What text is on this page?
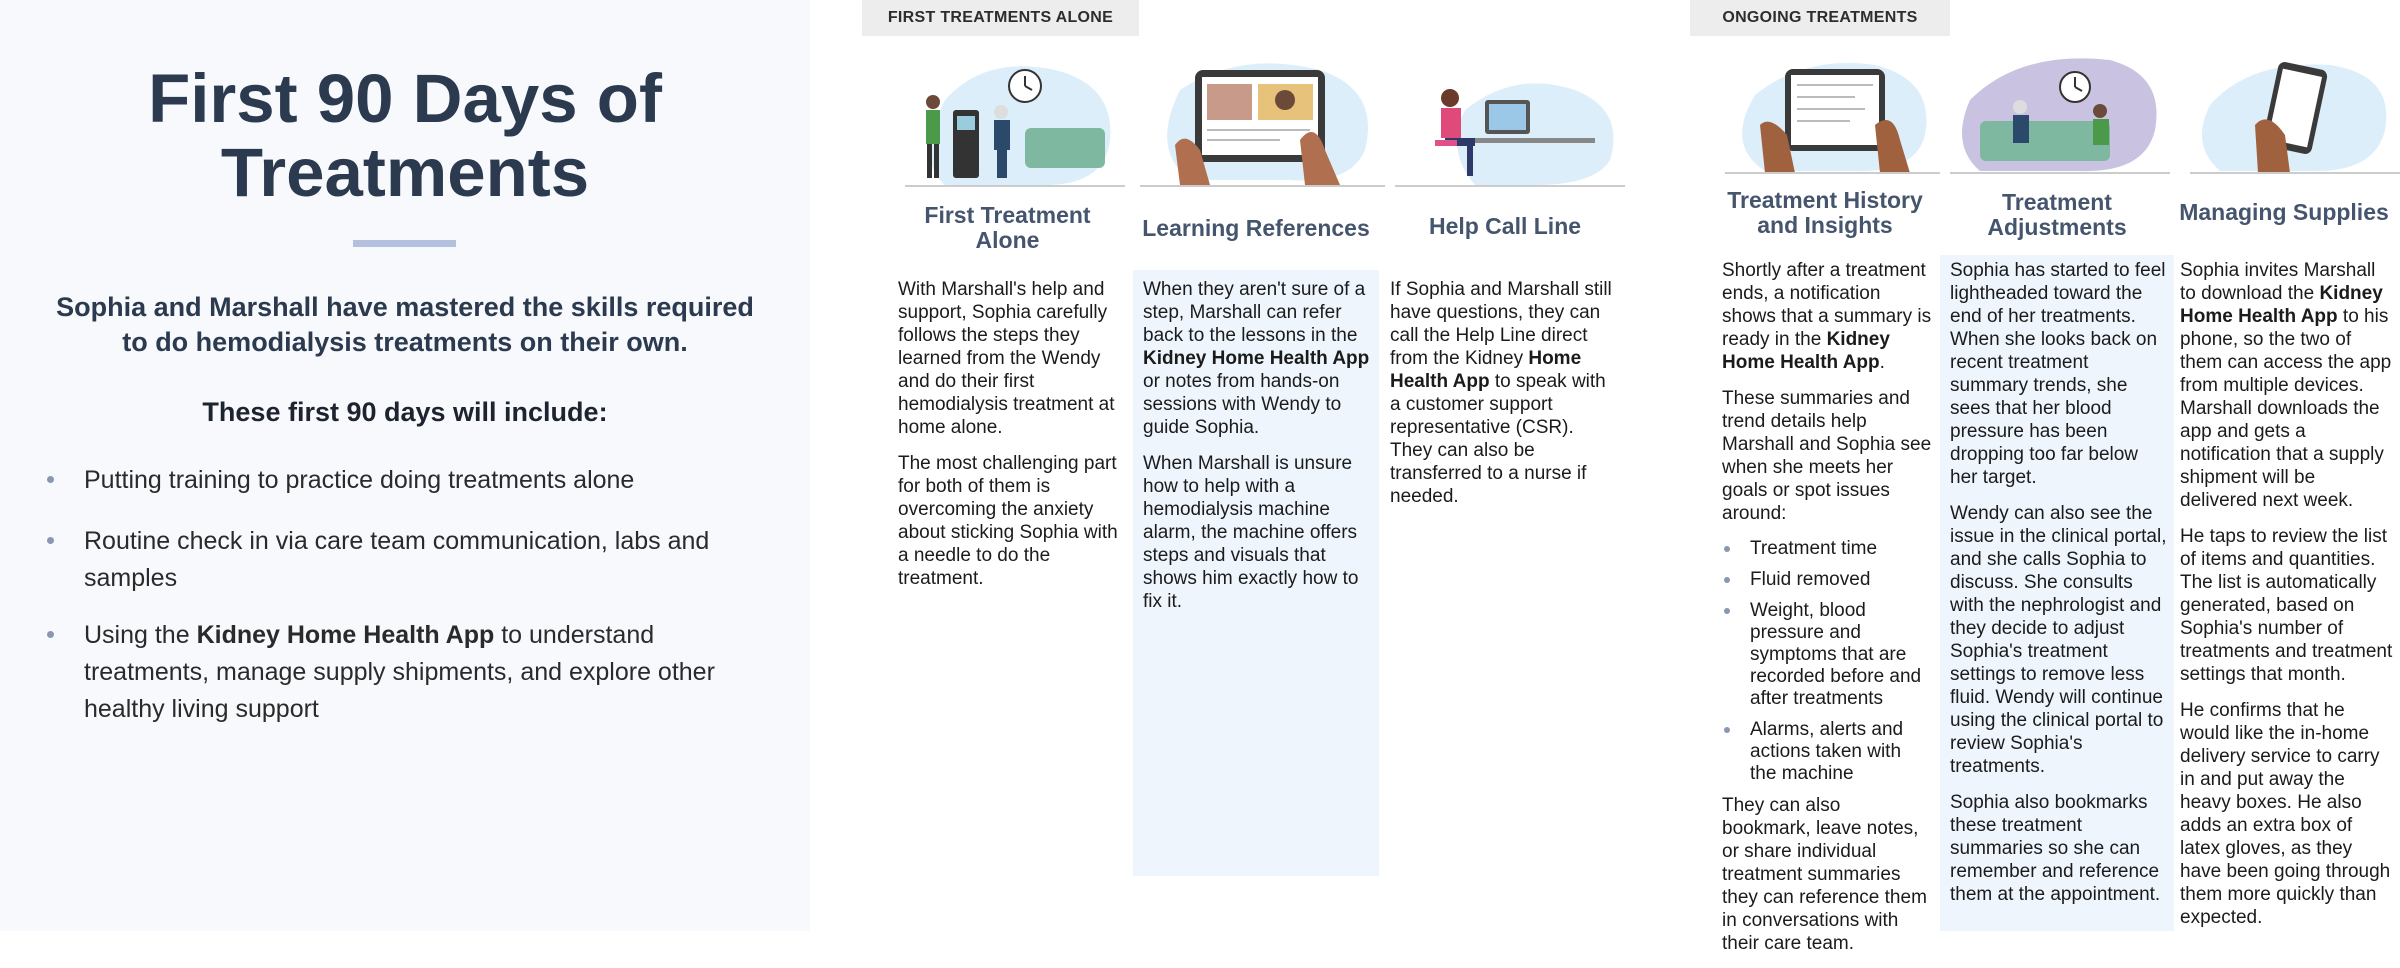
First 90 Days of Treatments

Sophia and Marshall have mastered the skills required to do hemodialysis treatments on their own.

These first 90 days will include:

Putting training to practice doing treatments alone
Routine check in via care team communication, labs and samples
Using the Kidney Home Health App to understand treatments, manage supply shipments, and explore other healthy living support
FIRST TREATMENTS ALONE	ONGOING TREATMENTS
First Treatment Alone	Learning References	Help Call Line
Treatment History and Insights
Treatment Adjustments
Managing Supplies

With Marshall's help and support, Sophia carefully follows the steps they learned from the Wendy and do their first hemodialysis treatment at home alone.

The most challenging part for both of them is overcoming the anxiety about sticking Sophia with a needle to do the treatment.

When they aren't sure of a step, Marshall can refer back to the lessons in the Kidney Home Health App or notes from hands-on sessions with Wendy to guide Sophia.

When Marshall is unsure how to help with a hemodialysis machine alarm, the machine offers steps and visuals that shows him exactly how to fix it.

If Sophia and Marshall still have questions, they can call the Help Line direct from the Kidney Home Health App to speak with a customer support representative (CSR). They can also be transferred to a nurse if needed.

Shortly after a treatment ends, a notification shows that a summary is ready in the Kidney Home Health App.

These summaries and trend details help Marshall and Sophia see when she meets her goals or spot issues around:

Treatment time
Fluid removed
Weight, blood pressure and symptoms that are recorded before and after treatments
Alarms, alerts and actions taken with the machine

They can also bookmark, leave notes, or share individual treatment summaries they can reference them in conversations with their care team.

Sophia has started to feel lightheaded toward the end of her treatments. When she looks back on recent treatment summary trends, she sees that her blood pressure has been dropping too far below her target.

Wendy can also see the issue in the clinical portal, and she calls Sophia to discuss. She consults with the nephrologist and they decide to adjust Sophia's treatment settings to remove less fluid. Wendy will continue using the clinical portal to review Sophia's treatments.

Sophia also bookmarks these treatment summaries so she can remember and reference them at the appointment.

Sophia invites Marshall to download the Kidney Home Health App to his phone, so the two of them can access the app from multiple devices. Marshall downloads the app and gets a notification that a supply shipment will be delivered next week.

He taps to review the list of items and quantities. The list is automatically generated, based on Sophia's number of treatments and treatment settings that month.

He confirms that he would like the in-home delivery service to carry in and put away the heavy boxes. He also adds an extra box of latex gloves, as they have been going through them more quickly than expected.
